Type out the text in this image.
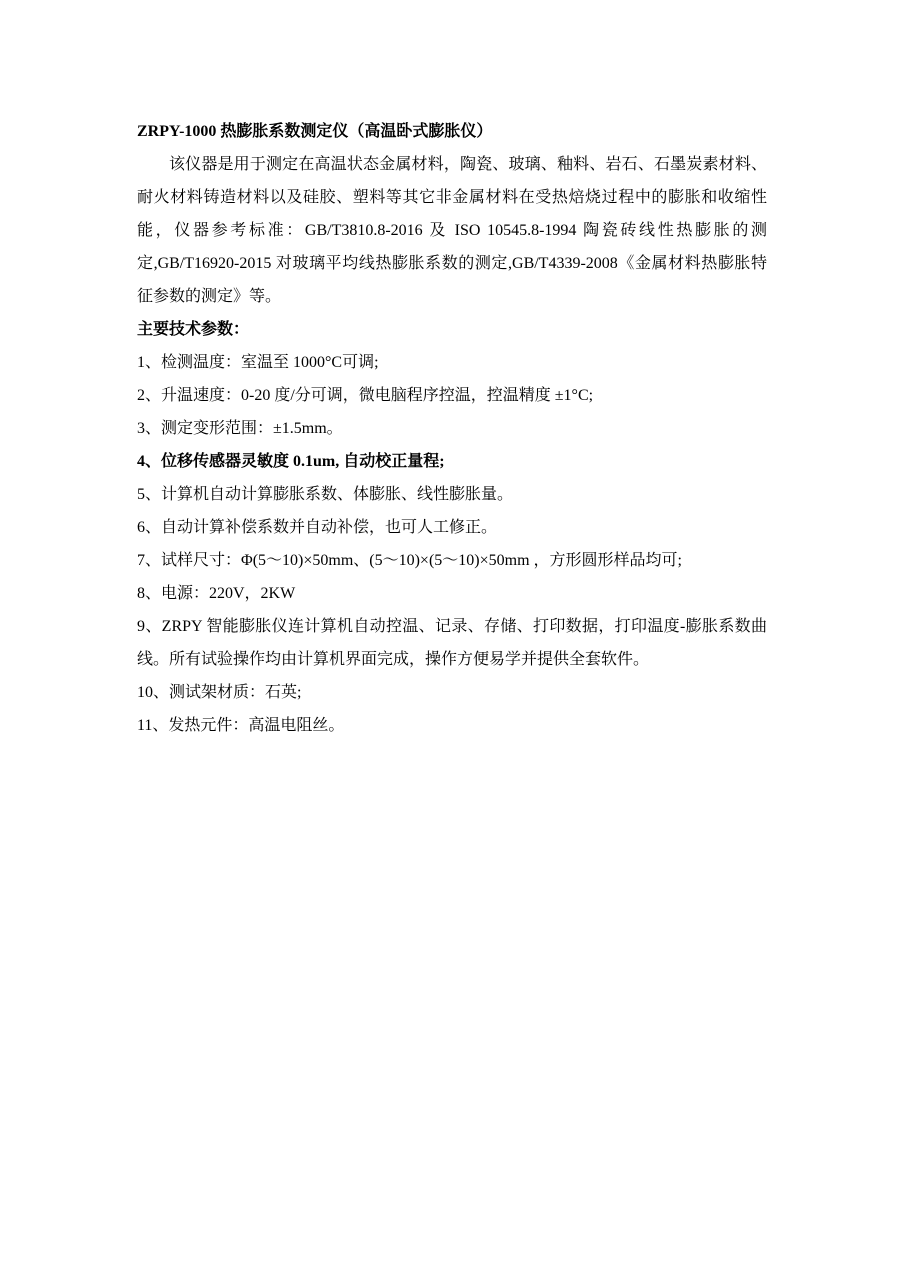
ZRPY-1000 热膨胀系数测定仪（高温卧式膨胀仪）

该仪器是用于测定在高温状态金属材料，陶瓷、玻璃、釉料、岩石、石墨炭素材料、耐火材料铸造材料以及硅胶、塑料等其它非金属材料在受热焙烧过程中的膨胀和收缩性能，仪器参考标准：GB/T3810.8-2016 及 ISO 10545.8-1994 陶瓷砖线性热膨胀的测定,GB/T16920-2015 对玻璃平均线热膨胀系数的测定,GB/T4339-2008《金属材料热膨胀特征参数的测定》等。

主要技术参数：

1、检测温度：室温至 1000°C可调;

2、升温速度：0-20 度/分可调，微电脑程序控温，控温精度 ±1°C;

3、测定变形范围：±1.5mm。

4、位移传感器灵敏度 0.1um, 自动校正量程;

5、计算机自动计算膨胀系数、体膨胀、线性膨胀量。

6、自动计算补偿系数并自动补偿，也可人工修正。

7、试样尺寸：Φ(5～10)×50mm、(5～10)×(5～10)×50mm ，方形圆形样品均可;

8、电源：220V，2KW

9、ZRPY 智能膨胀仪连计算机自动控温、记录、存储、打印数据，打印温度-膨胀系数曲线。所有试验操作均由计算机界面完成，操作方便易学并提供全套软件。

10、测试架材质：石英;

11、发热元件：高温电阻丝。
